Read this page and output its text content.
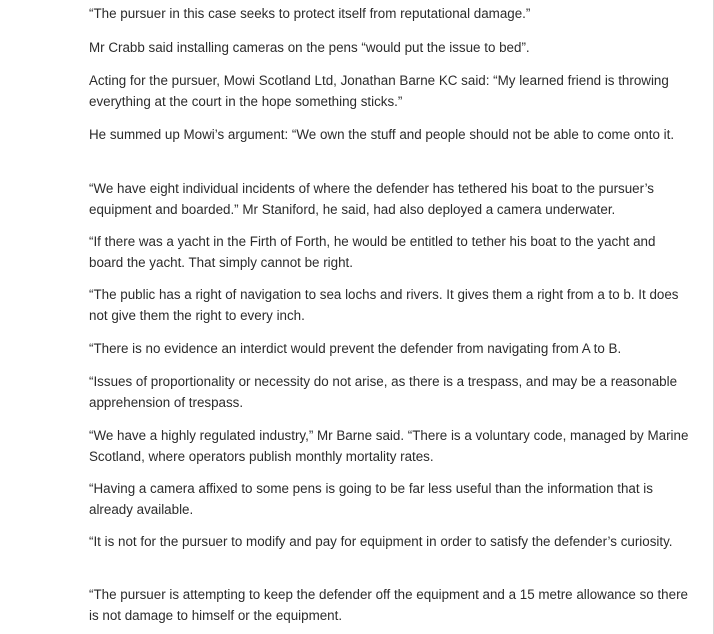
“The pursuer in this case seeks to protect itself from reputational damage.”

Mr Crabb said installing cameras on the pens “would put the issue to bed”.

Acting for the pursuer, Mowi Scotland Ltd, Jonathan Barne KC said: “My learned friend is throwing everything at the court in the hope something sticks.”

He summed up Mowi’s argument: “We own the stuff and people should not be able to come onto it.

“We have eight individual incidents of where the defender has tethered his boat to the pursuer’s equipment and boarded.” Mr Staniford, he said, had also deployed a camera underwater.

“If there was a yacht in the Firth of Forth, he would be entitled to tether his boat to the yacht and board the yacht. That simply cannot be right.

“The public has a right of navigation to sea lochs and rivers. It gives them a right from a to b. It does not give them the right to every inch.

“There is no evidence an interdict would prevent the defender from navigating from A to B.

“Issues of proportionality or necessity do not arise, as there is a trespass, and may be a reasonable apprehension of trespass.

“We have a highly regulated industry,” Mr Barne said. “There is a voluntary code, managed by Marine Scotland, where operators publish monthly mortality rates.

“Having a camera affixed to some pens is going to be far less useful than the information that is already available.

“It is not for the pursuer to modify and pay for equipment in order to satisfy the defender’s curiosity.

“The pursuer is attempting to keep the defender off the equipment and a 15 metre allowance so there is not damage to himself or the equipment.
